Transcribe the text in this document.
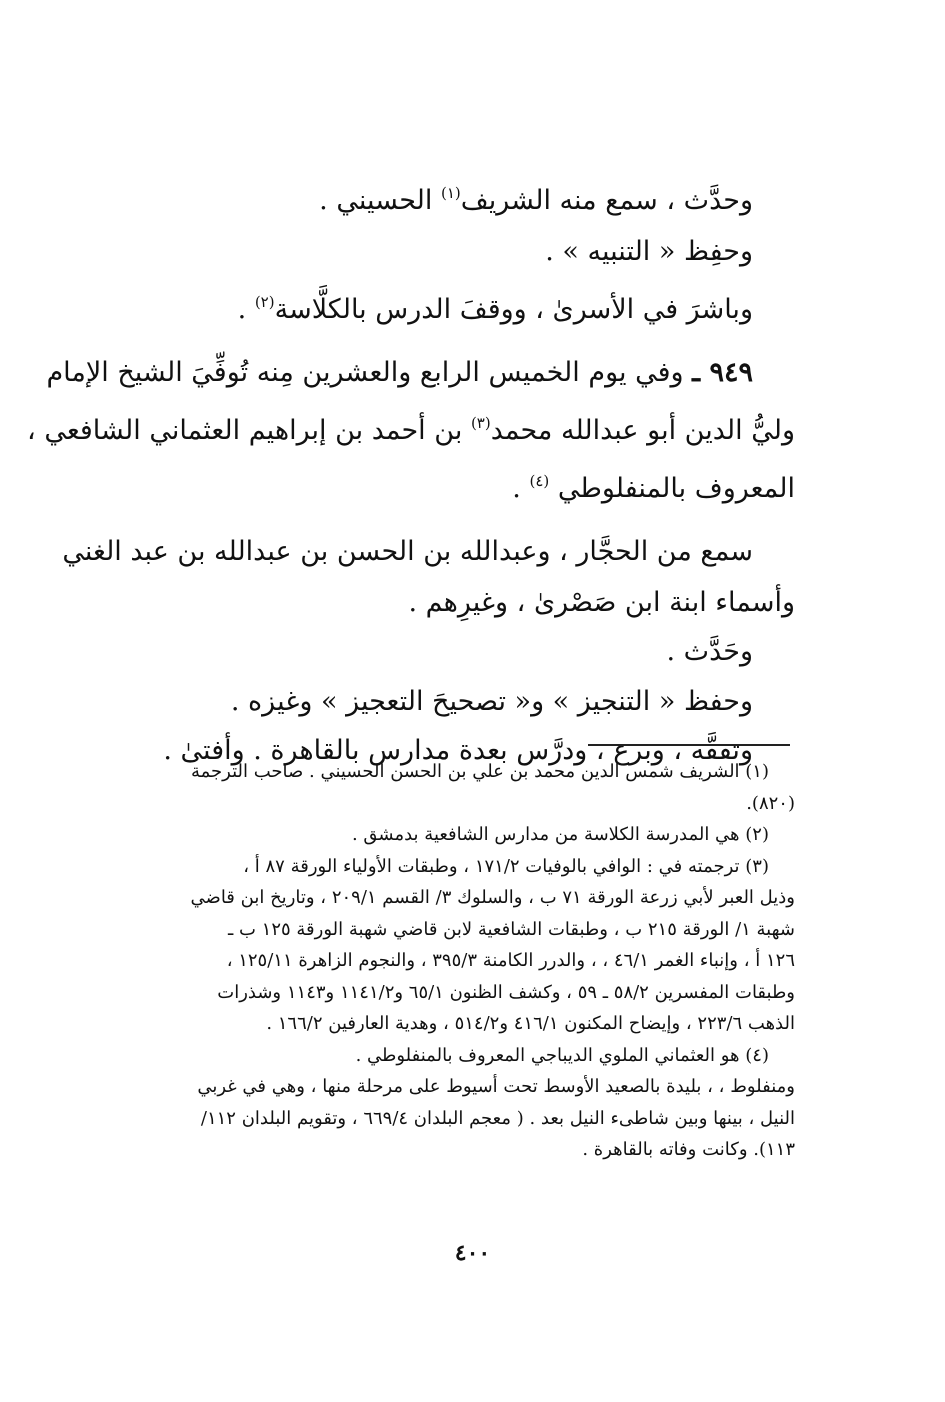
وحدَّث ، سمع منه الشريف$^{(١)}$ الحسيني .

وحفِظ « التنبيه » .

وباشرَ في الأسرىٰ ، ووقفَ الدرس بالكلَّاسة$^{(٢)}$ .

٩٤٩ ـ وفي يوم الخميس الرابع والعشرين مِنه تُوفِّيَ الشيخ الإمام

وليُّ الدين أبو عبدالله محمد$^{(٣)}$ بن أحمد بن إبراهيم العثماني الشافعي ،

المعروف بالمنفلوطي $^{(٤)}$ .

سمع من الحجَّار ، وعبدالله بن الحسن بن عبدالله بن عبد الغني

وأسماء ابنة ابن صَصْرىٰ ، وغيرِهم .

وحَدَّث .

وحفظ « التنجيز » و« تصحيحَ التعجيز » وغيزه .

وتفقَّه ، وبرع ، ودرَّس بعدة مدارس بالقاهرة . وأفتىٰ .

(١) الشريف شمس الدين محمد بن علي بن الحسن الحسيني . صاحب الترجمة

(٨٢٠).

(٢) هي المدرسة الكلاسة من مدارس الشافعية بدمشق .

(٣) ترجمته في : الوافي بالوفيات ١٧١/٢ ، وطبقات الأولياء الورقة ٨٧ أ ،

وذيل العبر لأبي زرعة الورقة ٧١ ب ، والسلوك ٣/ القسم ٢٠٩/١ ، وتاريخ ابن قاضي

شهبة ١/ الورقة ٢١٥ ب ، وطبقات الشافعية لابن قاضي شهبة الورقة ١٢٥ ب ـ

١٢٦ أ ، وإنباء الغمر ٤٦/١ ، ، والدرر الكامنة ٣٩٥/٣ ، والنجوم الزاهرة ١٢٥/١١ ،

وطبقات المفسرين ٥٨/٢ ـ ٥٩ ، وكشف الظنون ٦٥/١ و١١٤١/٢ و١١٤٣ وشذرات

الذهب ٢٢٣/٦ ، وإيضاح المكنون ٤١٦/١ و٥١٤/٢ ، وهدية العارفين ١٦٦/٢ .

(٤) هو العثماني الملوي الديباجي المعروف بالمنفلوطي .

ومنفلوط ، ، بليدة بالصعيد الأوسط تحت أسيوط على مرحلة منها ، وهي في غربي

النيل ، بينها وبين شاطىء النيل بعد . ( معجم البلدان ٦٦٩/٤ ، وتقويم البلدان ١١٢/

١١٣). وكانت وفاته بالقاهرة .

٤٠٠
